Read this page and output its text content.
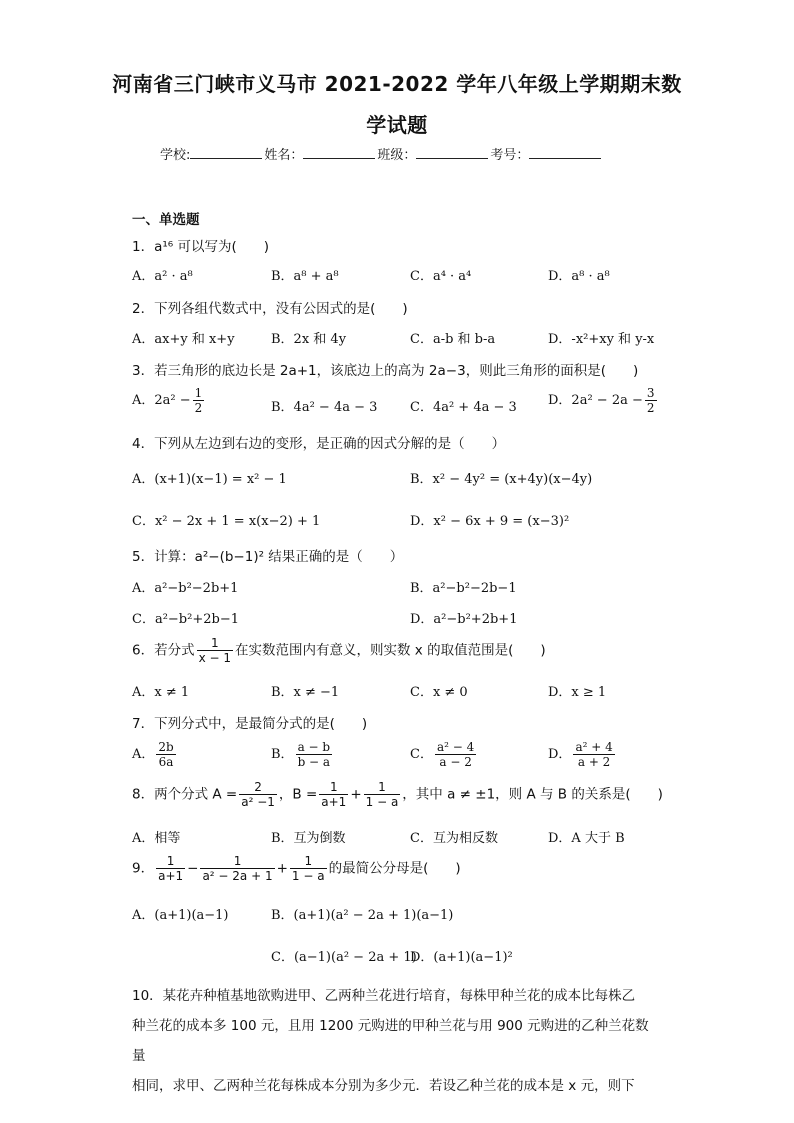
河南省三门峡市义马市 2021-2022 学年八年级上学期期末数
学试题
学校:	姓名：	班级：	考号：
一、单选题
1．a¹⁶ 可以写为(　　)
A．a² · a⁸	B．a⁸ + a⁸	C．a⁴ · a⁴	D．a⁸ · a⁸
2．下列各组代数式中，没有公因式的是(　　)
A．ax+y 和 x+y	B．2x 和 4y	C．a-b 和 b-a	D．-x²+xy 和 y-x
3．若三角形的底边长是 2a+1，该底边上的高为 2a−3，则此三角形的面积是(　　)
A．$2a^2 - \frac{1}{2}$	B．4a² − 4a − 3	C．4a² + 4a − 3 D．$2a^2 - 2a - \frac{3}{2}$
4．下列从左边到右边的变形，是正确的因式分解的是（　　）
A．(x+1)(x−1) = x² − 1	B．x² − 4y² = (x+4y)(x−4y)
C．x² − 2x + 1 = x(x−2) + 1	D．x² − 6x + 9 = (x−3)²
5．计算：a²−(b−1)² 结果正确的是（　　）
A．a²−b²−2b+1	B．a²−b²−2b−1
C．a²−b²+2b−1	D．a²−b²+2b+1
6．若分式 $\frac{1}{x - 1}$ 在实数范围内有意义，则实数 x 的取值范围是(　　)
A．x ≠ 1	B．x ≠ −1	C．x ≠ 0	D．x ≥ 1
7．下列分式中，是最简分式的是(　　)
A． $\frac{2b}{6a}$	B． $\frac{a - b}{b - a}$	C． $\frac{\text{a² − 4}}{a - 2}$	D． $\frac{\text{a² + 4}}{a + 2}$
8．两个分式 $A = \frac{2}{\text{a² −1}}$ ，$B = \frac{1}{a+1} + \frac{1}{1 - a}$ ，其中 a ≠ ±1，则 A 与 B 的关系是(　　)
A．相等	B．互为倒数	C．互为相反数	D．A 大于 B
9． $\frac{1}{a+1} - \frac{1}{\text{a² − 2a + 1}} + \frac{1}{1 - a}$ 的最简公分母是(　　)
A．(a+1)(a−1)	B．(a+1)(a² − 2a + 1)(a−1)
C．(a−1)(a² − 2a + 1)
D．(a+1)(a−1)²
10．某花卉种植基地欲购进甲、乙两种兰花进行培育，每株甲种兰花的成本比每株乙
种兰花的成本多 100 元，且用 1200 元购进的甲种兰花与用 900 元购进的乙种兰花数量
相同，求甲、乙两种兰花每株成本分别为多少元．若设乙种兰花的成本是 x 元，则下
